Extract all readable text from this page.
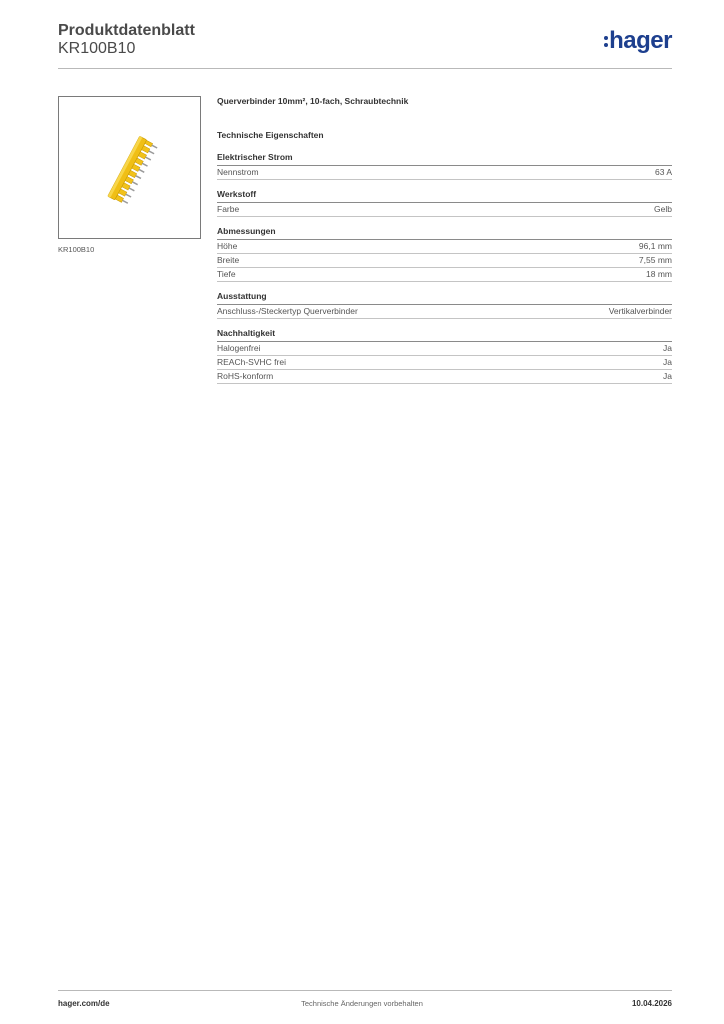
Produktdatenblatt
KR100B10	hager
KR100B10
Querverbinder 10mm², 10-fach, Schraubtechnik
Technische Eigenschaften
Elektrischer Strom
Nennstrom	63 A
Werkstoff
Farbe	Gelb
Abmessungen
Höhe	96,1 mm
Breite	7,55 mm
Tiefe	18 mm
Ausstattung
Anschluss-/Steckertyp Querverbinder	Vertikalverbinder
Nachhaltigkeit
Halogenfrei	Ja
REACh-SVHC frei	Ja
RoHS-konform	Ja
hager.com/de	Technische Änderungen vorbehalten	10.04.2026
